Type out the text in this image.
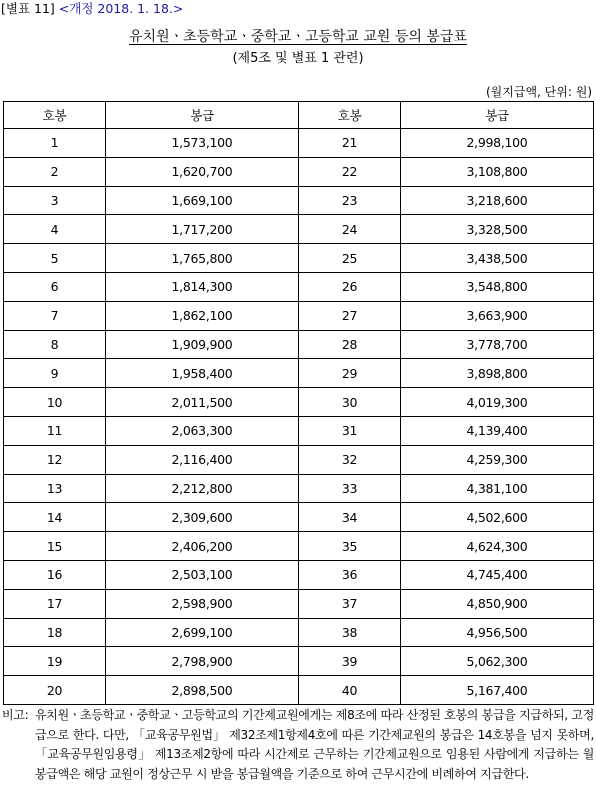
[별표 11] <개정 2018. 1. 18.>
유치원ㆍ초등학교ㆍ중학교ㆍ고등학교 교원 등의 봉급표
(제5조 및 별표 1 관련)
(월지급액, 단위: 원)
호봉	봉급	호봉	봉급
1	1,573,100	21	2,998,100
2	1,620,700	22	3,108,800
3	1,669,100	23	3,218,600
4	1,717,200	24	3,328,500
5	1,765,800	25	3,438,500
6	1,814,300	26	3,548,800
7	1,862,100	27	3,663,900
8	1,909,900	28	3,778,700
9	1,958,400	29	3,898,800
10	2,011,500	30	4,019,300
11	2,063,300	31	4,139,400
12	2,116,400	32	4,259,300
13	2,212,800	33	4,381,100
14	2,309,600	34	4,502,600
15	2,406,200	35	4,624,300
16	2,503,100	36	4,745,400
17	2,598,900	37	4,850,900
18	2,699,100	38	4,956,500
19	2,798,900	39	5,062,300
20	2,898,500	40	5,167,400
비고: 유치원ㆍ초등학교ㆍ중학교ㆍ고등학교의 기간제교원에게는 제8조에 따라 산정된 호봉의 봉급을 지급하되, 고정급으로 한다. 다만, 「교육공무원법」 제32조제1항제4호에 따른 기간제교원의 봉급은 14호봉을 넘지 못하며, 「교육공무원임용령」 제13조제2항에 따라 시간제로 근무하는 기간제교원으로 임용된 사람에게 지급하는 월봉급액은 해당 교원이 정상근무 시 받을 봉급월액을 기준으로 하여 근무시간에 비례하여 지급한다.
